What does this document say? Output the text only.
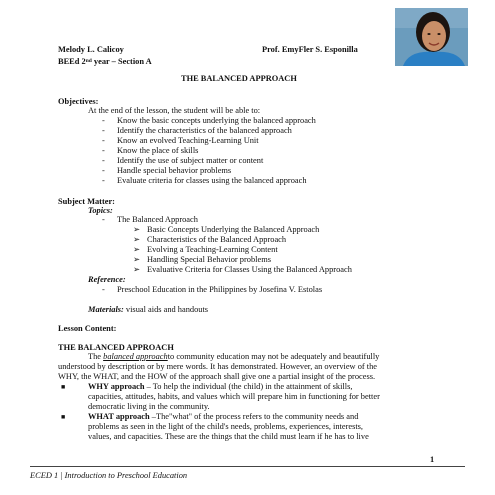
Melody L. Calicoy	Prof. EmyFler S. Esponilla
BEEd 2nd year – Section A
THE BALANCED APPROACH
Objectives:
At the end of the lesson, the student will be able to:
- Know the basic concepts underlying the balanced approach
- Identify the characteristics of the balanced approach
- Know an evolved Teaching-Learning Unit
- Know the place of skills
- Identify the use of subject matter or content
- Handle special behavior problems
- Evaluate criteria for classes using the balanced approach
Subject Matter:
Topics:
- The Balanced Approach
➢ Basic Concepts Underlying the Balanced Approach
➢ Characteristics of the Balanced Approach
➢ Evolving a Teaching-Learning Content
➢ Handling Special Behavior problems
➢ Evaluative Criteria for Classes Using the Balanced Approach
Reference:
- Preschool Education in the Philippines by Josefina V. Estolas
Materials: visual aids and handouts
Lesson Content:
THE BALANCED APPROACH
The balanced approachto community education may not be adequately and beautifully
understood by description or by mere words. It has demonstrated. However, an overview of the
WHY, the WHAT, and the HOW of the approach shall give one a partial insight of the process.
■	WHY approach – To help the individual (the child) in the attainment of skills,
capacities, attitudes, habits, and values which will prepare him in functioning for better
democratic living in the community.
■	WHAT approach –The"what" of the process refers to the community needs and
problems as seen in the light of the child's needs, problems, experiences, interests,
values, and capacities. These are the things that the child must learn if he has to live
1
ECED 1 | Introduction to Preschool Education
